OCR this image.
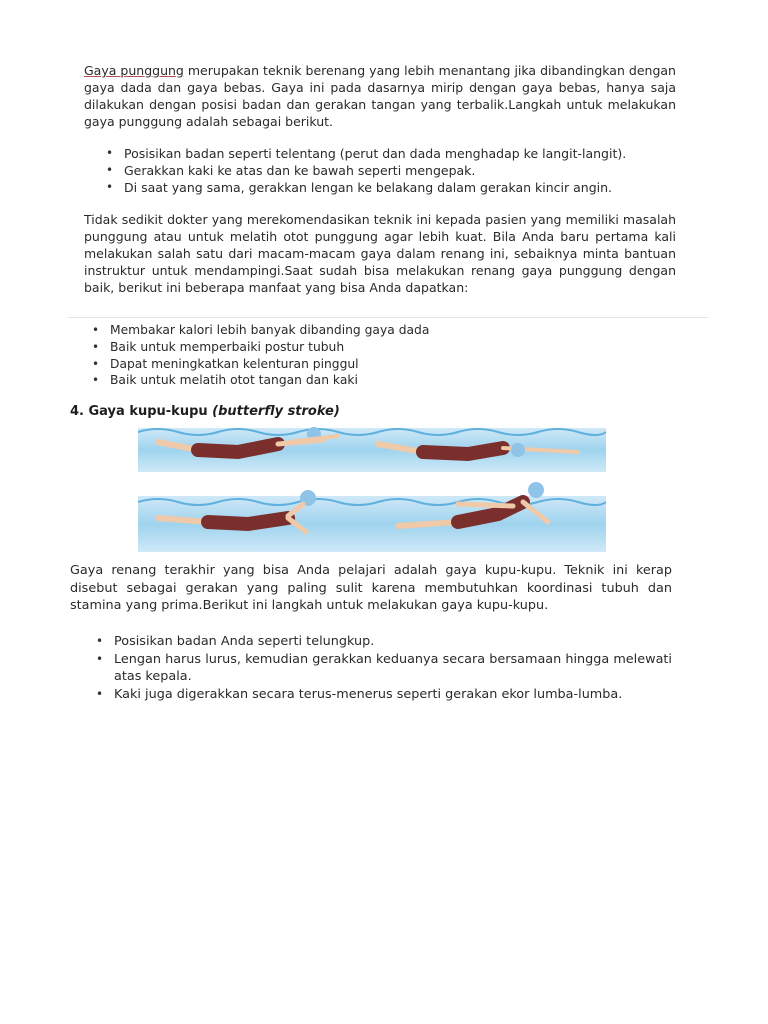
Gaya punggung merupakan teknik berenang yang lebih menantang jika dibandingkan dengan gaya dada dan gaya bebas. Gaya ini pada dasarnya mirip dengan gaya bebas, hanya saja dilakukan dengan posisi badan dan gerakan tangan yang terbalik.Langkah untuk melakukan gaya punggung adalah sebagai berikut.

• Posisikan badan seperti telentang (perut dan dada menghadap ke langit-langit).
• Gerakkan kaki ke atas dan ke bawah seperti mengepak.
• Di saat yang sama, gerakkan lengan ke belakang dalam gerakan kincir angin.

Tidak sedikit dokter yang merekomendasikan teknik ini kepada pasien yang memiliki masalah punggung atau untuk melatih otot punggung agar lebih kuat. Bila Anda baru pertama kali melakukan salah satu dari macam-macam gaya dalam renang ini, sebaiknya minta bantuan instruktur untuk mendampingi.Saat sudah bisa melakukan renang gaya punggung dengan baik, berikut ini beberapa manfaat yang bisa Anda dapatkan:

• Membakar kalori lebih banyak dibanding gaya dada
• Baik untuk memperbaiki postur tubuh
• Dapat meningkatkan kelenturan pinggul
• Baik untuk melatih otot tangan dan kaki
4. Gaya kupu-kupu (butterfly stroke)

Gaya renang terakhir yang bisa Anda pelajari adalah gaya kupu-kupu. Teknik ini kerap disebut sebagai gerakan yang paling sulit karena membutuhkan koordinasi tubuh dan stamina yang prima.Berikut ini langkah untuk melakukan gaya kupu-kupu.

• Posisikan badan Anda seperti telungkup.
• Lengan harus lurus, kemudian gerakkan keduanya secara bersamaan hingga melewati atas kepala.
• Kaki juga digerakkan secara terus-menerus seperti gerakan ekor lumba-lumba.
